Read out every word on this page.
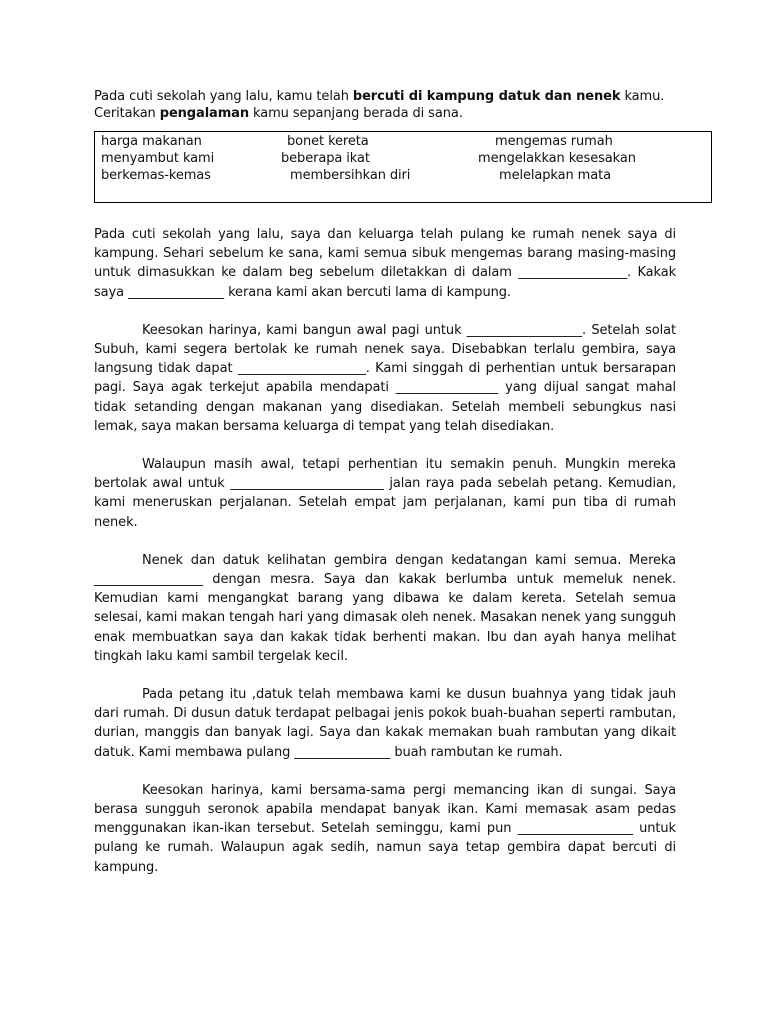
Pada cuti sekolah yang lalu, kamu telah bercuti di kampung datuk dan nenek kamu.

Ceritakan pengalaman kamu sepanjang berada di sana.

harga makanan	bonet kereta	mengemas rumah
menyambut kami	beberapa ikat	mengelakkan kesesakan
berkemas-kemas	membersihkan diri	melelapkan mata

Pada cuti sekolah yang lalu, saya dan keluarga telah pulang ke rumah nenek saya di kampung. Sehari sebelum ke sana, kami semua sibuk mengemas barang masing-masing untuk dimasukkan ke dalam beg sebelum diletakkan di dalam _________________. Kakak saya _______________ kerana kami akan bercuti lama di kampung.

Keesokan harinya, kami bangun awal pagi untuk __________________. Setelah solat Subuh, kami segera bertolak ke rumah nenek saya. Disebabkan terlalu gembira, saya langsung tidak dapat ____________________. Kami singgah di perhentian untuk bersarapan pagi. Saya agak terkejut apabila mendapati ________________ yang dijual sangat mahal tidak setanding dengan makanan yang disediakan. Setelah membeli sebungkus nasi lemak, saya makan bersama keluarga di tempat yang telah disediakan.

Walaupun masih awal, tetapi perhentian itu semakin penuh. Mungkin mereka bertolak awal untuk ________________________ jalan raya pada sebelah petang. Kemudian, kami meneruskan perjalanan. Setelah empat jam perjalanan, kami pun tiba di rumah nenek.

Nenek dan datuk kelihatan gembira dengan kedatangan kami semua. Mereka _________________ dengan mesra. Saya dan kakak berlumba untuk memeluk nenek. Kemudian kami mengangkat barang yang dibawa ke dalam kereta. Setelah semua selesai, kami makan tengah hari yang dimasak oleh nenek. Masakan nenek yang sungguh enak membuatkan saya dan kakak tidak berhenti makan. Ibu dan ayah hanya melihat tingkah laku kami sambil tergelak kecil.

Pada petang itu ,datuk telah membawa kami ke dusun buahnya yang tidak jauh dari rumah. Di dusun datuk terdapat pelbagai jenis pokok buah-buahan seperti rambutan, durian, manggis dan banyak lagi. Saya dan kakak memakan buah rambutan yang dikait datuk. Kami membawa pulang _______________ buah rambutan ke rumah.

Keesokan harinya, kami bersama-sama pergi memancing ikan di sungai. Saya berasa sungguh seronok apabila mendapat banyak ikan. Kami memasak asam pedas menggunakan ikan-ikan tersebut. Setelah seminggu, kami pun __________________ untuk pulang ke rumah. Walaupun agak sedih, namun saya tetap gembira dapat bercuti di kampung.
